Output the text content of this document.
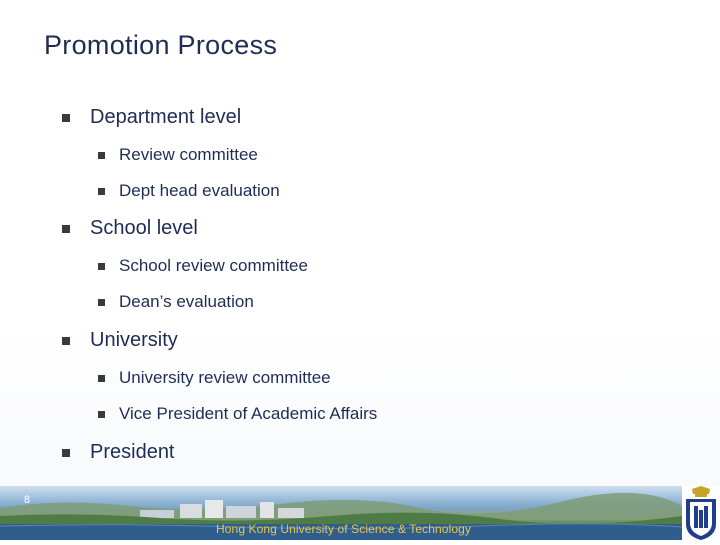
Promotion Process
Department level
Review committee
Dept head evaluation
School level
School review committee
Dean’s evaluation
University
University review committee
Vice President of Academic Affairs
President
8
Hong Kong University of Science & Technology
